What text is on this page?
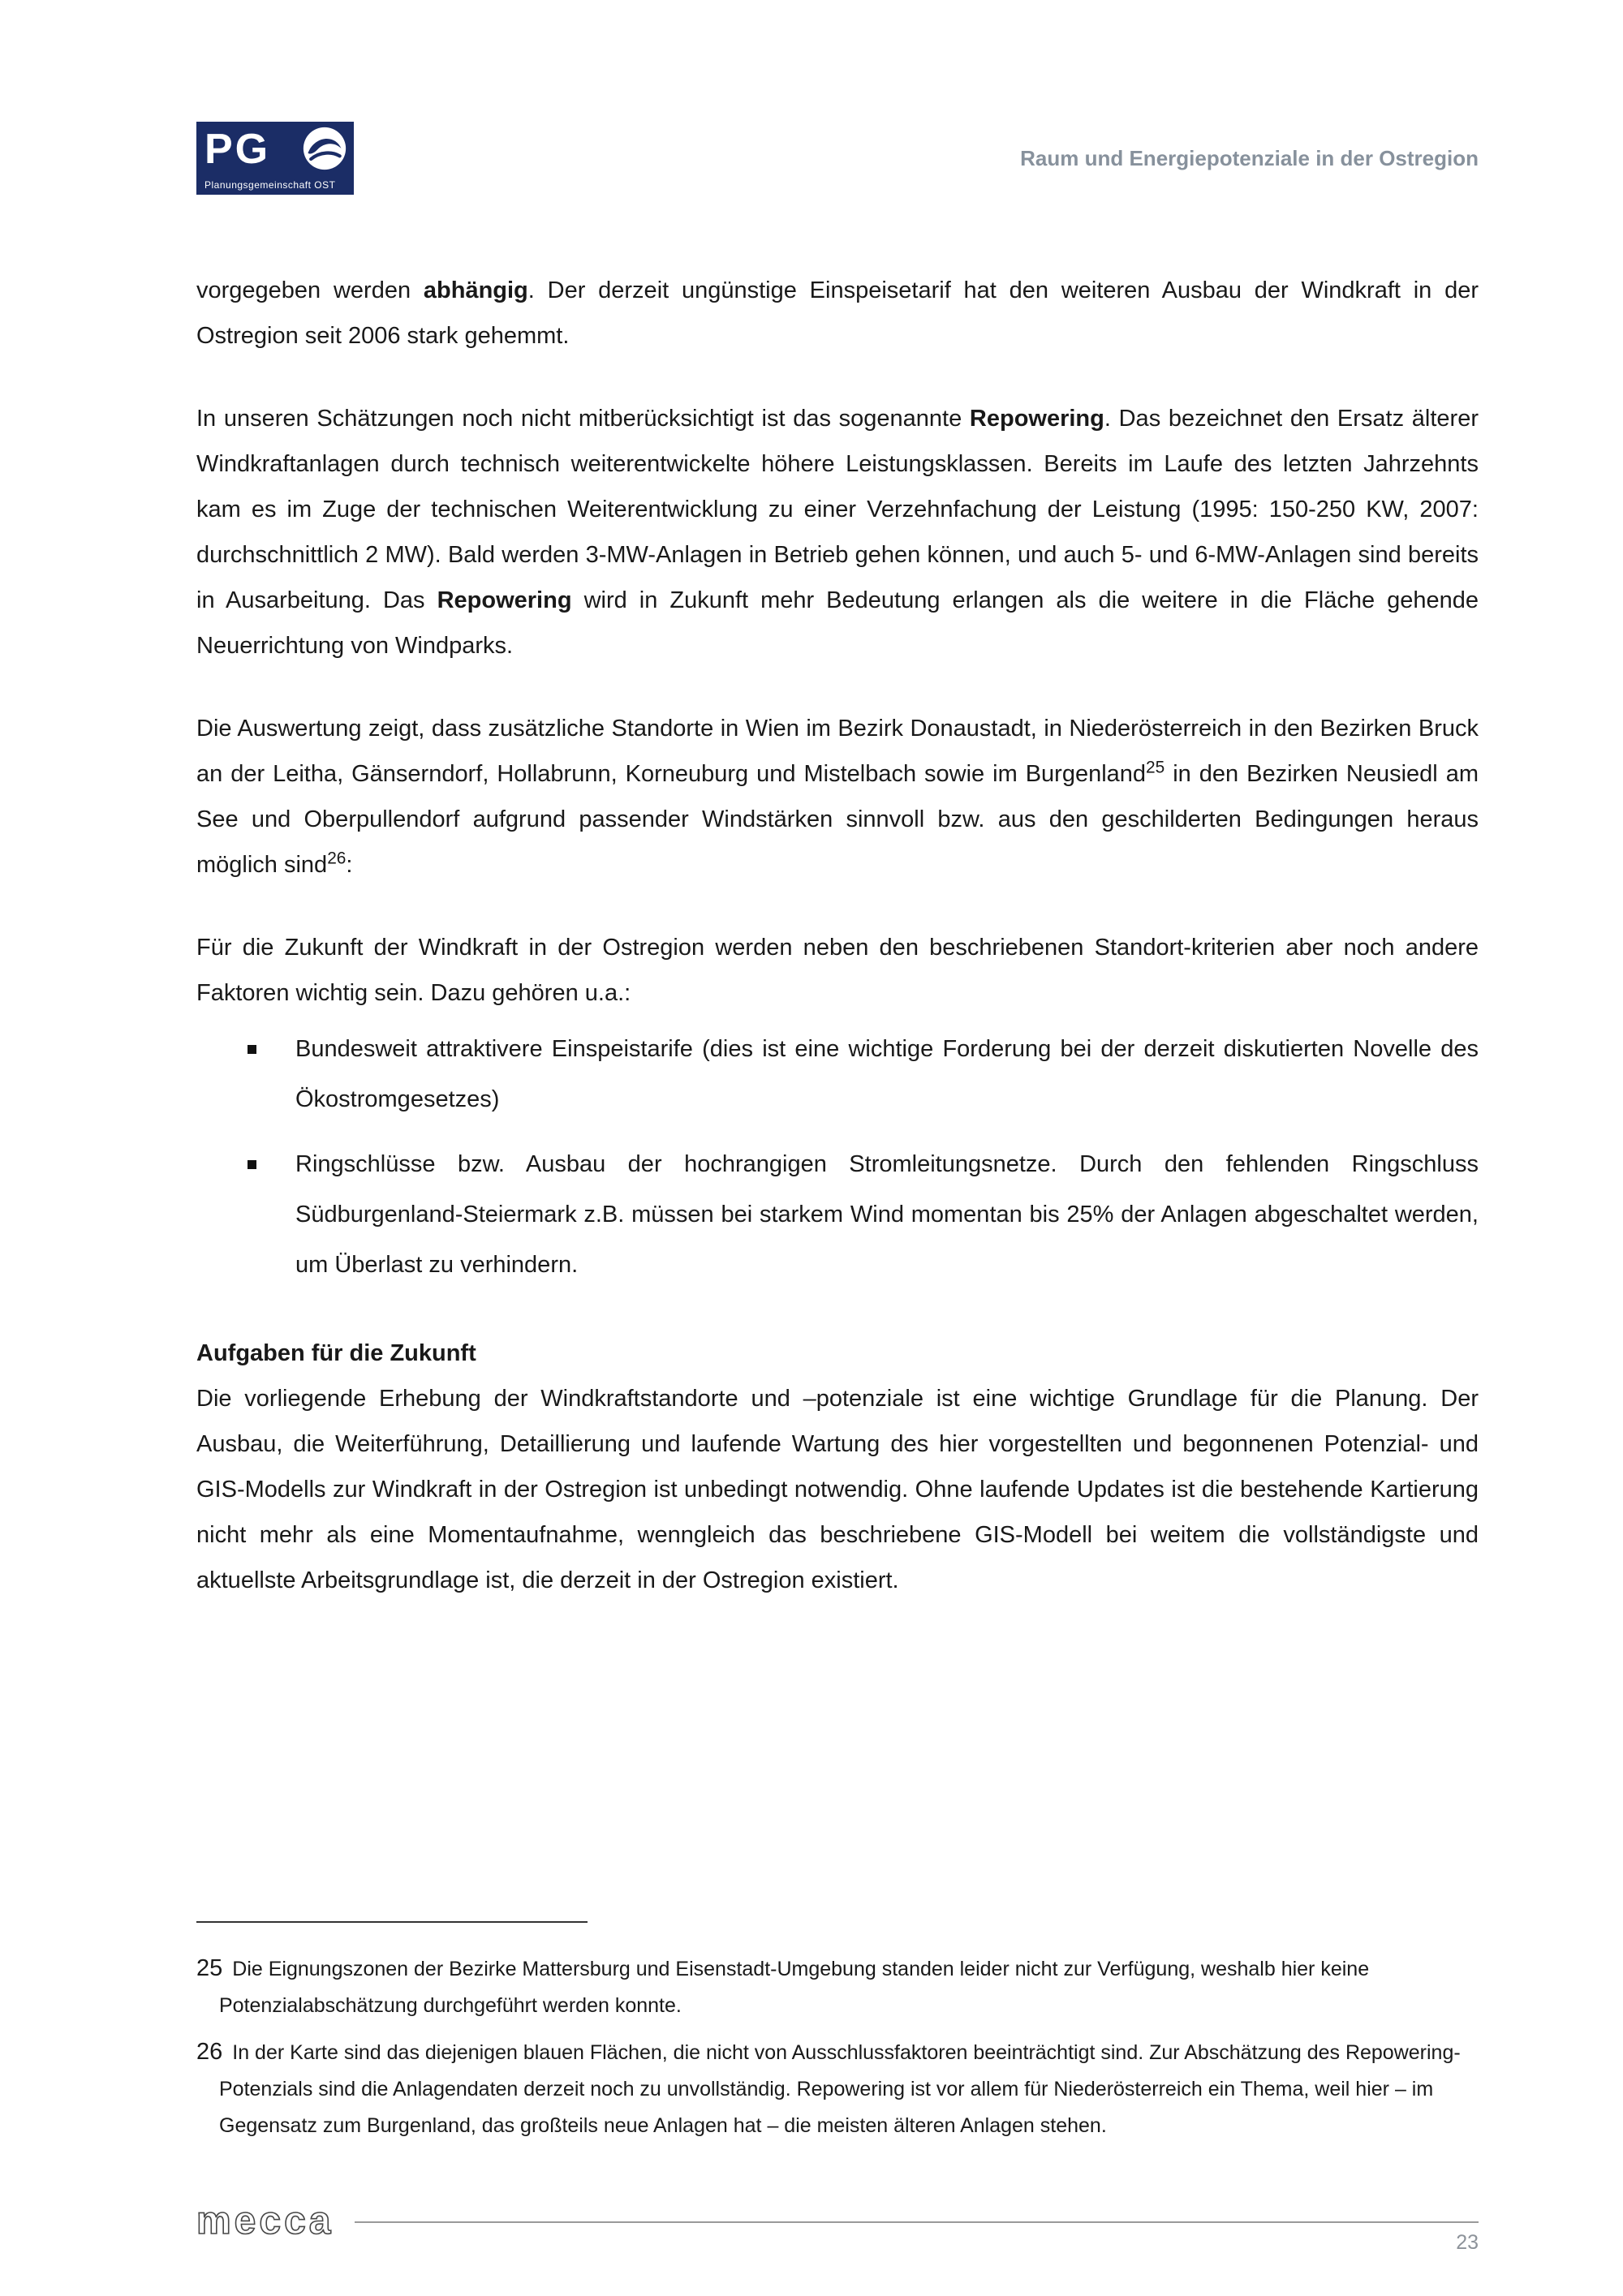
PG
Planungsgemeinschaft OST
Raum und Energiepotenziale in der Ostregion

vorgegeben werden abhängig. Der derzeit ungünstige Einspeisetarif hat den weiteren Ausbau der Windkraft in der Ostregion seit 2006 stark gehemmt.

In unseren Schätzungen noch nicht mitberücksichtigt ist das sogenannte Repowering. Das bezeichnet den Ersatz älterer Windkraftanlagen durch technisch weiterentwickelte höhere Leistungsklassen. Bereits im Laufe des letzten Jahrzehnts kam es im Zuge der technischen Weiterentwicklung zu einer Verzehnfachung der Leistung (1995: 150-250 KW, 2007: durchschnittlich 2 MW). Bald werden 3-MW-Anlagen in Betrieb gehen können, und auch 5- und 6-MW-Anlagen sind bereits in Ausarbeitung. Das Repowering wird in Zukunft mehr Bedeutung erlangen als die weitere in die Fläche gehende Neuerrichtung von Windparks.

Die Auswertung zeigt, dass zusätzliche Standorte in Wien im Bezirk Donaustadt, in Niederösterreich in den Bezirken Bruck an der Leitha, Gänserndorf, Hollabrunn, Korneuburg und Mistelbach sowie im Burgenland$^{25}$ in den Bezirken Neusiedl am See und Oberpullendorf aufgrund passender Windstärken sinnvoll bzw. aus den geschilderten Bedingungen heraus möglich sind$^{26}$:

Für die Zukunft der Windkraft in der Ostregion werden neben den beschriebenen Standort-kriterien aber noch andere Faktoren wichtig sein. Dazu gehören u.a.:

Bundesweit attraktivere Einspeistarife (dies ist eine wichtige Forderung bei der derzeit diskutierten Novelle des Ökostromgesetzes)
Ringschlüsse bzw. Ausbau der hochrangigen Stromleitungsnetze. Durch den fehlenden Ringschluss Südburgenland-Steiermark z.B. müssen bei starkem Wind momentan bis 25% der Anlagen abgeschaltet werden, um Überlast zu verhindern.
Aufgaben für die Zukunft

Die vorliegende Erhebung der Windkraftstandorte und –potenziale ist eine wichtige Grundlage für die Planung. Der Ausbau, die Weiterführung, Detaillierung und laufende Wartung des hier vorgestellten und begonnenen Potenzial- und GIS-Modells zur Windkraft in der Ostregion ist unbedingt notwendig. Ohne laufende Updates ist die bestehende Kartierung nicht mehr als eine Momentaufnahme, wenngleich das beschriebene GIS-Modell bei weitem die vollständigste und aktuellste Arbeitsgrundlage ist, die derzeit in der Ostregion existiert.

25 Die Eignungszonen der Bezirke Mattersburg und Eisenstadt-Umgebung standen leider nicht zur Verfügung, weshalb hier keine Potenzialabschätzung durchgeführt werden konnte.
26 In der Karte sind das diejenigen blauen Flächen, die nicht von Ausschlussfaktoren beeinträchtigt sind. Zur Abschätzung des Repowering-Potenzials sind die Anlagendaten derzeit noch zu unvollständig. Repowering ist vor allem für Niederösterreich ein Thema, weil hier – im Gegensatz zum Burgenland, das großteils neue Anlagen hat – die meisten älteren Anlagen stehen.
mecca	23
